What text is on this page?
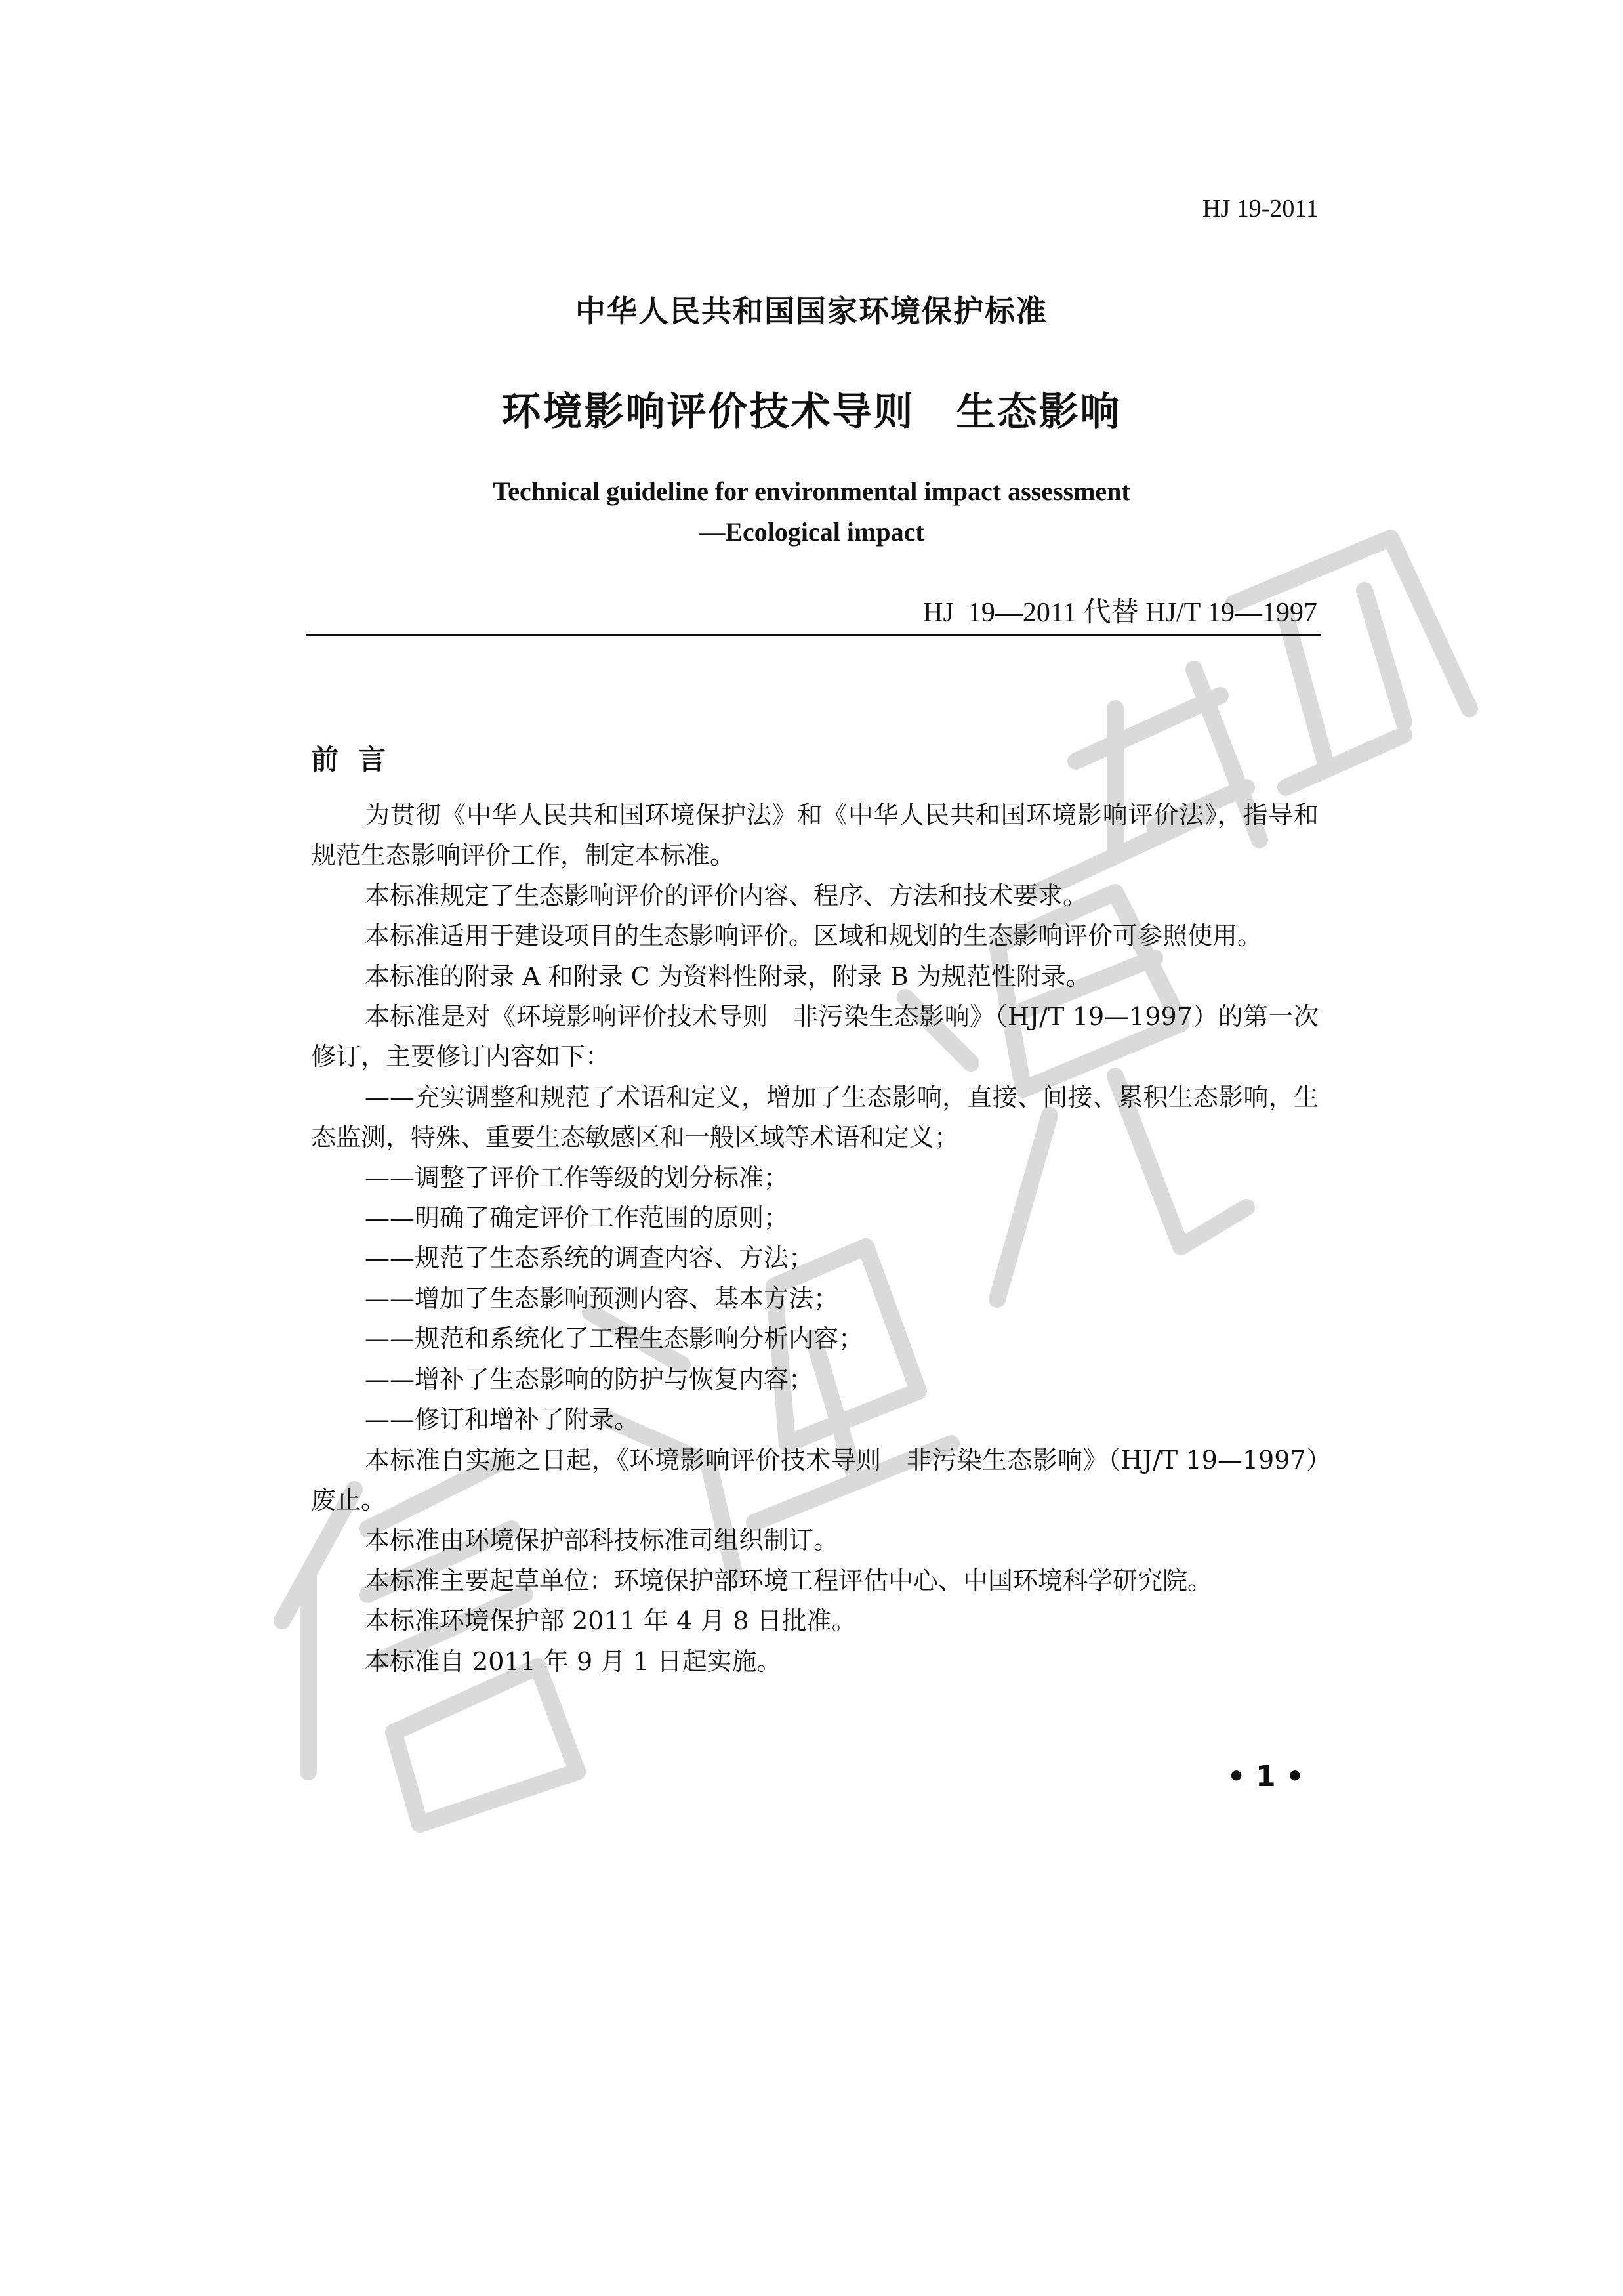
HJ 19-2011
中华人民共和国国家环境保护标准
环境影响评价技术导则　生态影响
Technical guideline for environmental impact assessment
—Ecological impact
HJ  19—2011 代替 HJ/T 19—1997
前言

为贯彻《中华人民共和国环境保护法》和《中华人民共和国环境影响评价法》，指导和规范生态影响评价工作，制定本标准。

本标准规定了生态影响评价的评价内容、程序、方法和技术要求。

本标准适用于建设项目的生态影响评价。区域和规划的生态影响评价可参照使用。

本标准的附录 A 和附录 C 为资料性附录，附录 B 为规范性附录。

本标准是对《环境影响评价技术导则　非污染生态影响》（HJ/T 19—1997）的第一次修订，主要修订内容如下：

——充实调整和规范了术语和定义，增加了生态影响，直接、间接、累积生态影响，生态监测，特殊、重要生态敏感区和一般区域等术语和定义；

——调整了评价工作等级的划分标准；

——明确了确定评价工作范围的原则；

——规范了生态系统的调查内容、方法；

——增加了生态影响预测内容、基本方法；

——规范和系统化了工程生态影响分析内容；

——增补了生态影响的防护与恢复内容；

——修订和增补了附录。

本标准自实施之日起，《环境影响评价技术导则　非污染生态影响》（HJ/T 19—1997）废止。

本标准由环境保护部科技标准司组织制订。

本标准主要起草单位：环境保护部环境工程评估中心、中国环境科学研究院。

本标准环境保护部 2011 年 4 月 8 日批准。

本标准自 2011 年 9 月 1 日起实施。

• 1 •
